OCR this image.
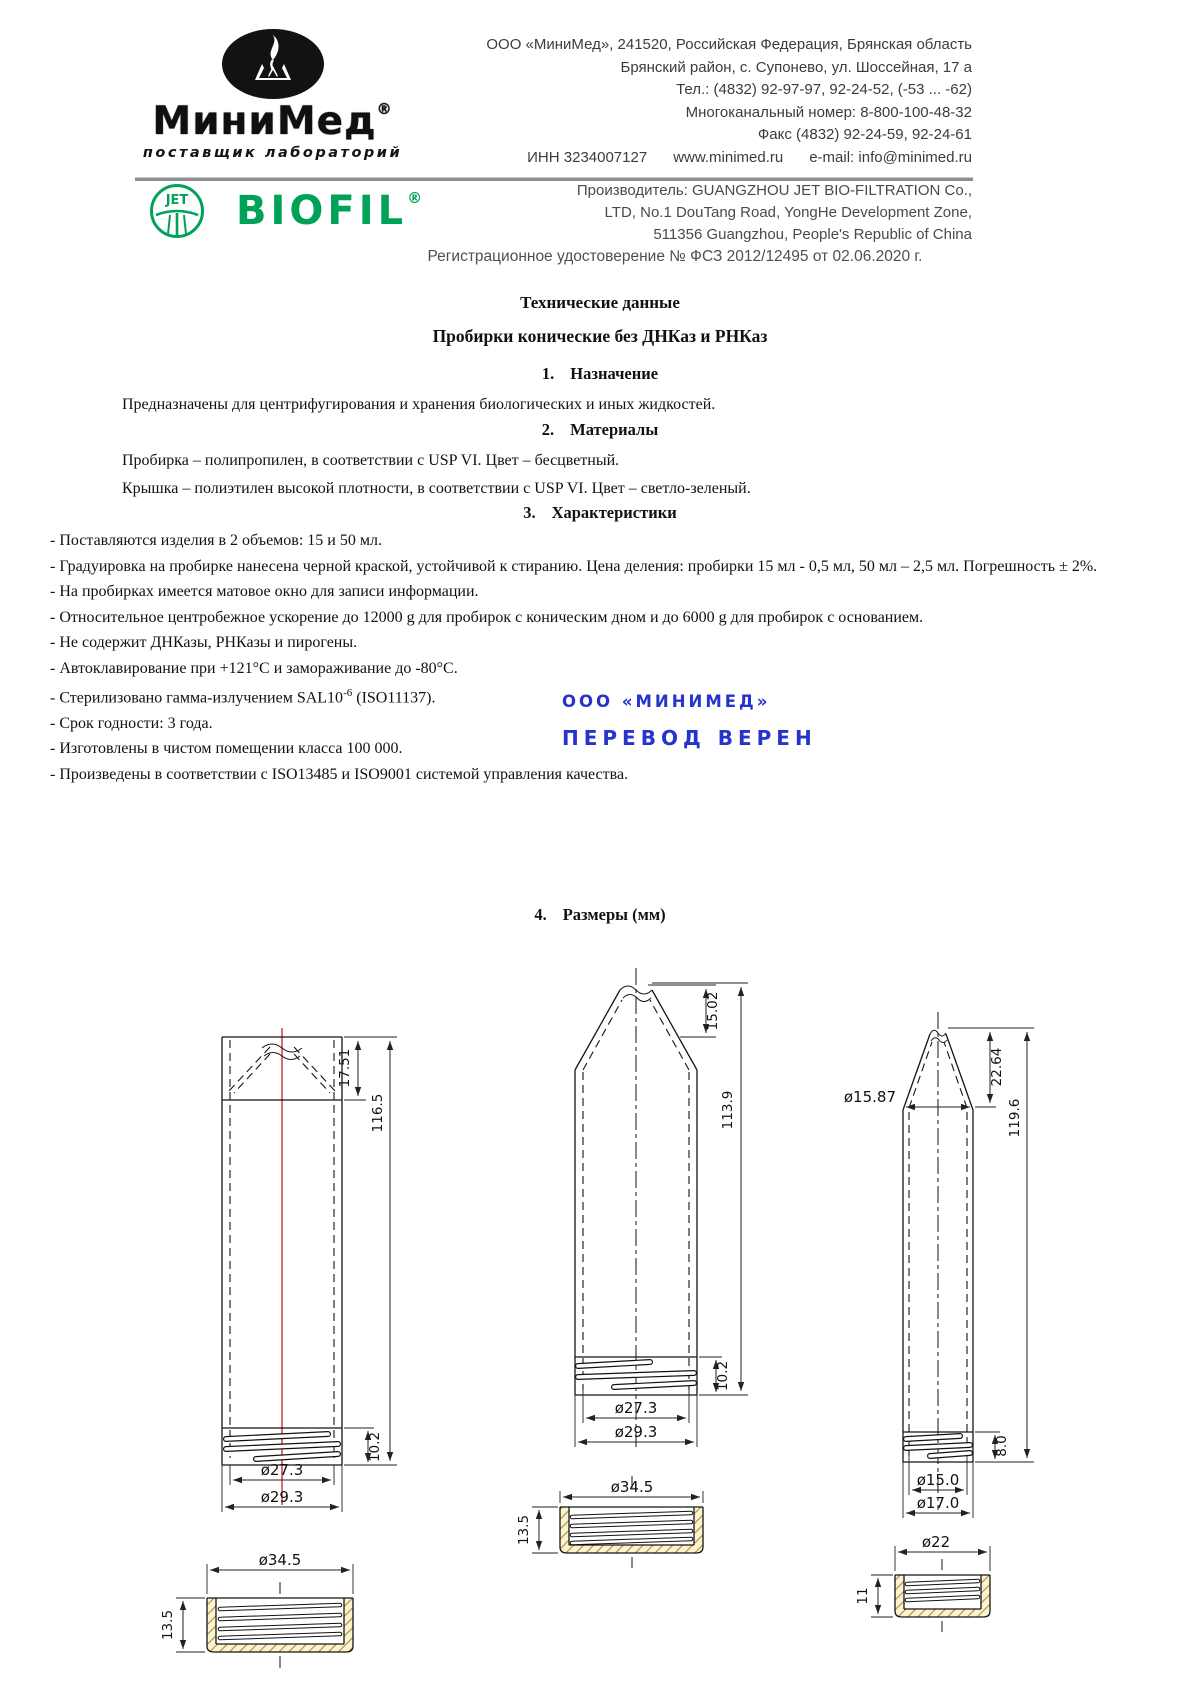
МиниМед®
поставщик лабораторий
ООО «МиниМед», 241520, Российская Федерация, Брянская область
Брянский район, с. Супонево, ул. Шоссейная, 17 а
Тел.: (4832) 92-97-97, 92-24-52, (-53 ... -62)
Многоканальный номер: 8-800-100-48-32
Факс (4832) 92-24-59, 92-24-61
ИНН 3234007127 www.minimed.ru e-mail: info@minimed.ru
JET BIOFIL®	Производитель: GUANGZHOU JET BIO-FILTRATION Co.,
LTD, No.1 DouTang Road, YongHe Development Zone,
511356 Guangzhou, People's Republic of China
Регистрационное удостоверение № ФСЗ 2012/12495 от 02.06.2020 г.
Технические данные
Пробирки конические без ДНКаз и РНКаз
1. Назначение

Предназначены для центрифугирования и хранения биологических и иных жидкостей.

2. Материалы

Пробирка – полипропилен, в соответствии с USP VI. Цвет – бесцветный.

Крышка – полиэтилен высокой плотности, в соответствии с USP VI. Цвет – светло-зеленый.

3. Характеристики

- Поставляются изделия в 2 объемов: 15 и 50 мл.

- Градуировка на пробирке нанесена черной краской, устойчивой к стиранию. Цена деления: пробирки 15 мл - 0,5 мл, 50 мл – 2,5 мл. Погрешность ± 2%.

- На пробирках имеется матовое окно для записи информации.

- Относительное центробежное ускорение до 12000 g для пробирок с коническим дном и до 6000 g для пробирок с основанием.

- Не содержит ДНКазы, РНКазы и пирогены.

- Автоклавирование при +121°С и замораживание до -80°С.

- Стерилизовано гамма-излучением $SAL10^{-6}$ (ISO11137).

- Срок годности: 3 года.

- Изготовлены в чистом помещении класса 100 000.

- Произведены в соответствии с ISO13485 и ISO9001 системой управления качества.

ООО «МИНИМЕД»
ПЕРЕВОД ВЕРЕН
4. Размеры (мм)
17.51
116.5
10.2
ø27.3
ø29.3
ø34.5
13.5
15.02
113.9
10.2
ø27.3
ø29.3
ø34.5
13.5
ø15.87
22.64
119.6
8.0
ø15.0
ø17.0
ø22
11
